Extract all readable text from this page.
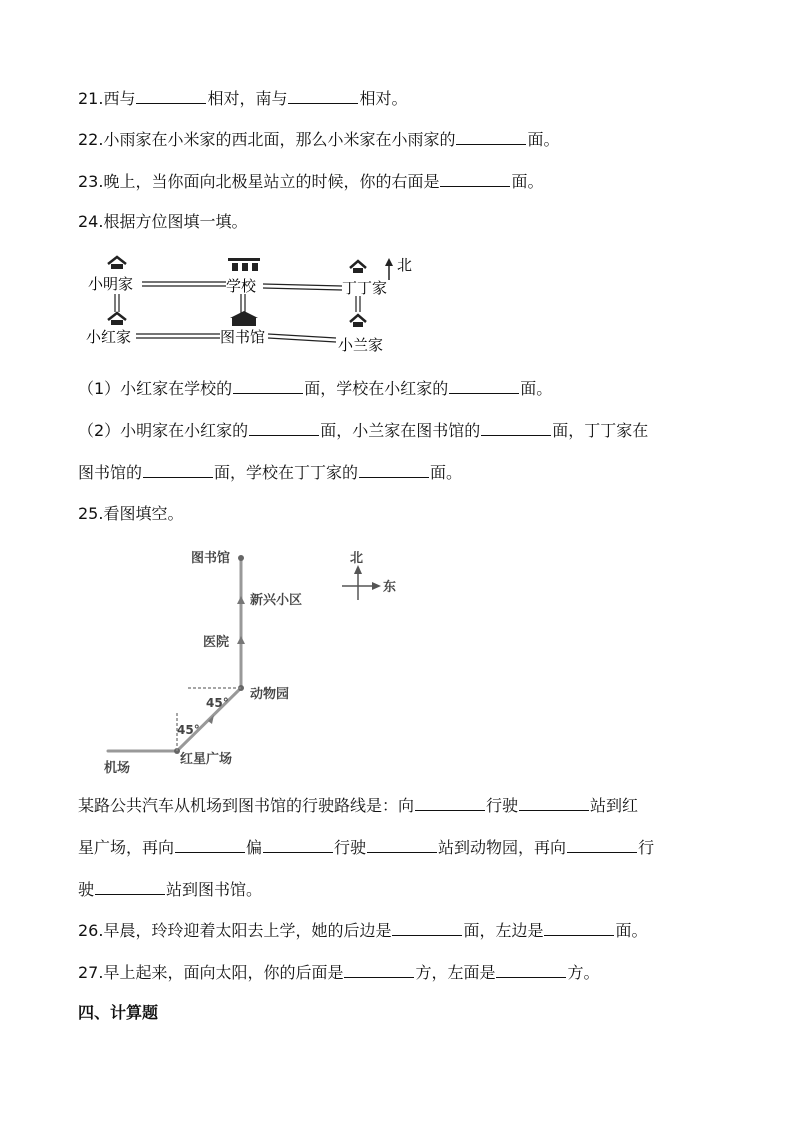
21.西与	相对，南与	相对。
22.小雨家在小米家的西北面，那么小米家在小雨家的	面。
23.晚上，当你面向北极星站立的时候，你的右面是	面。
24.根据方位图填一填。
北
小明家	学校	丁丁家
小红家	图书馆	小兰家
（1）小红家在学校的	面，学校在小红家的	面。
（2）小明家在小红家的	面，小兰家在图书馆的	面，丁丁家在
图书馆的	面，学校在丁丁家的	面。
25.看图填空。
图书馆
新兴小区
医院
动物园
红星广场
机场
45°
45°
北
东
某路公共汽车从机场到图书馆的行驶路线是：向	行驶	站到红
星广场，再向	偏	行驶	站到动物园，再向	行
驶	站到图书馆。
26.早晨，玲玲迎着太阳去上学，她的后边是	面，左边是	面。
27.早上起来，面向太阳，你的后面是	方，左面是	方。
四、计算题
